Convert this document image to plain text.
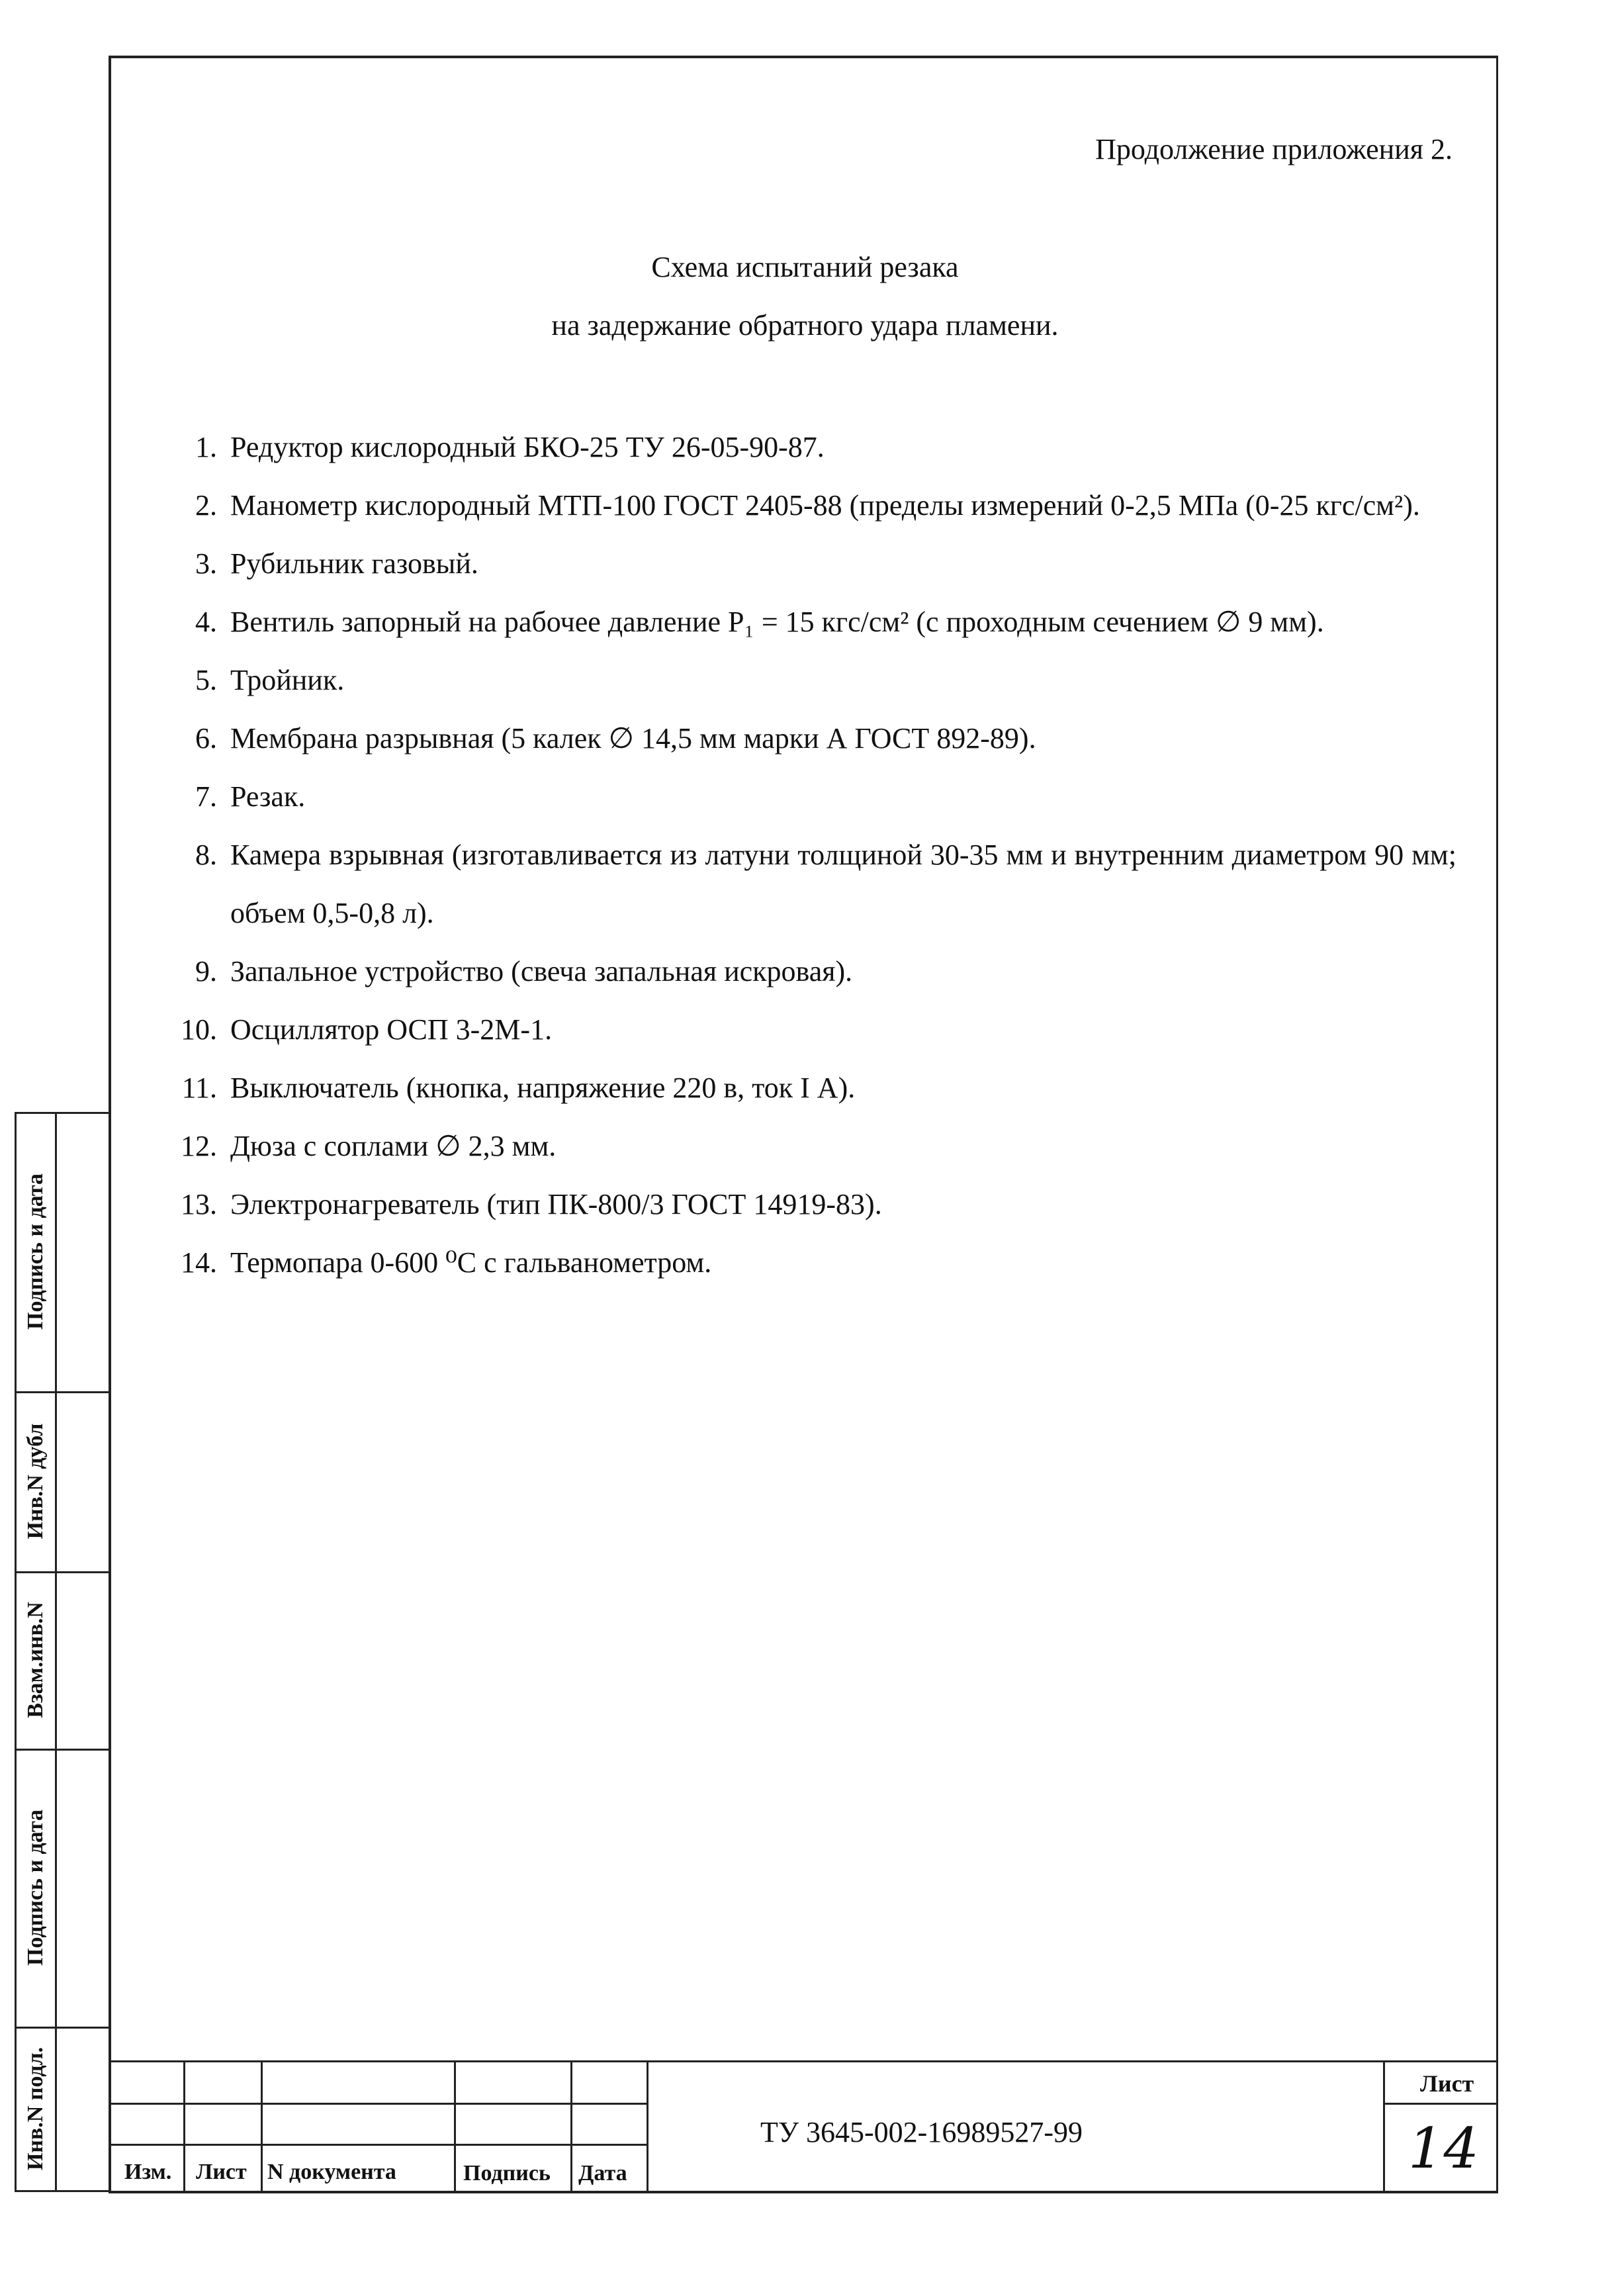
Продолжение приложения 2.
Схема испытаний резака
на задержание обратного удара пламени.
1. Редуктор кислородный БКО-25 ТУ 26-05-90-87.
2. Манометр кислородный МТП-100 ГОСТ 2405-88 (пределы измерений 0-2,5 МПа (0-25 кгс/см²).
3. Рубильник газовый.
4. Вентиль запорный на рабочее давление Р₁ = 15 кгс/см² (с проходным сечением ∅ 9 мм).
5. Тройник.
6. Мембрана разрывная (5 калек ∅ 14,5 мм марки А ГОСТ 892-89).
7. Резак.
8. Камера взрывная (изготавливается из латуни толщиной 30-35 мм и внутренним диаметром 90 мм; объем 0,5-0,8 л).
9. Запальное устройство (свеча запальная искровая).
10. Осциллятор ОСП 3-2М-1.
11. Выключатель (кнопка, напряжение 220 в, ток I А).
12. Дюза с соплами ∅ 2,3 мм.
13. Электронагреватель (тип ПК-800/3 ГОСТ 14919-83).
14. Термопара 0-600 ⁰С с гальванометром.
Подпись и дата
Инв.N дубл
Взам.инв.N
Подпись и дата
Инв.N подл.
Изм. Лист N документа	Подпись Дата
ТУ 3645-002-16989527-99
Лист
14
